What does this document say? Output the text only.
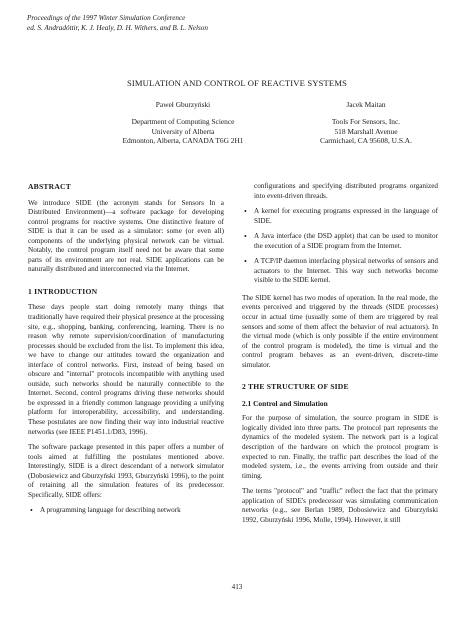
Proceedings of the 1997 Winter Simulation Conference
ed. S. Andradóttir, K. J. Healy, D. H. Withers, and B. L. Nelson
SIMULATION AND CONTROL OF REACTIVE SYSTEMS
Paweł Gburzyński
Department of Computing Science
University of Alberta
Edmonton, Alberta, CANADA T6G 2H1
Jacek Maitan
Tools For Sensors, Inc.
518 Marshall Avenue
Carmichael, CA 95608, U.S.A.
ABSTRACT

We introduce SIDE (the acronym stands for Sensors In a Distributed Environment)—a software package for developing control programs for reactive systems. One distinctive feature of SIDE is that it can be used as a simulator: some (or even all) components of the underlying physical network can be virtual. Notably, the control program itself need not be aware that some parts of its environment are not real. SIDE applications can be naturally distributed and interconnected via the Internet.

1 INTRODUCTION

These days people start doing remotely many things that traditionally have required their physical presence at the processing site, e.g., shopping, banking, conferencing, learning. There is no reason why remote supervision/coordination of manufacturing processes should be excluded from the list. To implement this idea, we have to change our attitudes toward the organization and interface of control networks. First, instead of being based on obscure and "internal" protocols incompatible with anything used outside, such networks should be naturally connectible to the Internet. Second, control programs driving these networks should be expressed in a friendly common language providing a unifying platform for interoperability, accessibility, and understanding. These postulates are now finding their way into industrial reactive networks (see IEEE P1451.1/D83, 1996).

The software package presented in this paper offers a number of tools aimed at fulfilling the postulates mentioned above. Interestingly, SIDE is a direct descendant of a network simulator (Dobosiewicz and Gburzyński 1993, Gburzyński 1996), to the point of retaining all the simulation features of its predecessor. Specifically, SIDE offers:

• A programming language for describing network
configurations and specifying distributed programs organized into event-driven threads.
• A kernel for executing programs expressed in the language of SIDE.
• A Java interface (the DSD applet) that can be used to monitor the execution of a SIDE program from the Internet.
• A TCP/IP daemon interfacing physical networks of sensors and actuators to the Internet. This way such networks become visible to the SIDE kernel.

The SIDE kernel has two modes of operation. In the real mode, the events perceived and triggered by the threads (SIDE processes) occur in actual time (usually some of them are triggered by real sensors and some of them affect the behavior of real actuators). In the virtual mode (which is only possible if the entire environment of the control program is modeled), the time is virtual and the control program behaves as an event-driven, discrete-time simulator.

2 THE STRUCTURE OF SIDE
2.1 Control and Simulation

For the purpose of simulation, the source program in SIDE is logically divided into three parts. The protocol part represents the dynamics of the modeled system. The network part is a logical description of the hardware on which the protocol program is expected to run. Finally, the traffic part describes the load of the modeled system, i.e., the events arriving from outside and their timing.

The terms "protocol" and "traffic" reflect the fact that the primary application of SIDE's predecessor was simulating communication networks (e.g., see Berlan 1989, Dobosiewicz and Gburzyński 1992, Gburzyński 1996, Molle, 1994). However, it still

413
